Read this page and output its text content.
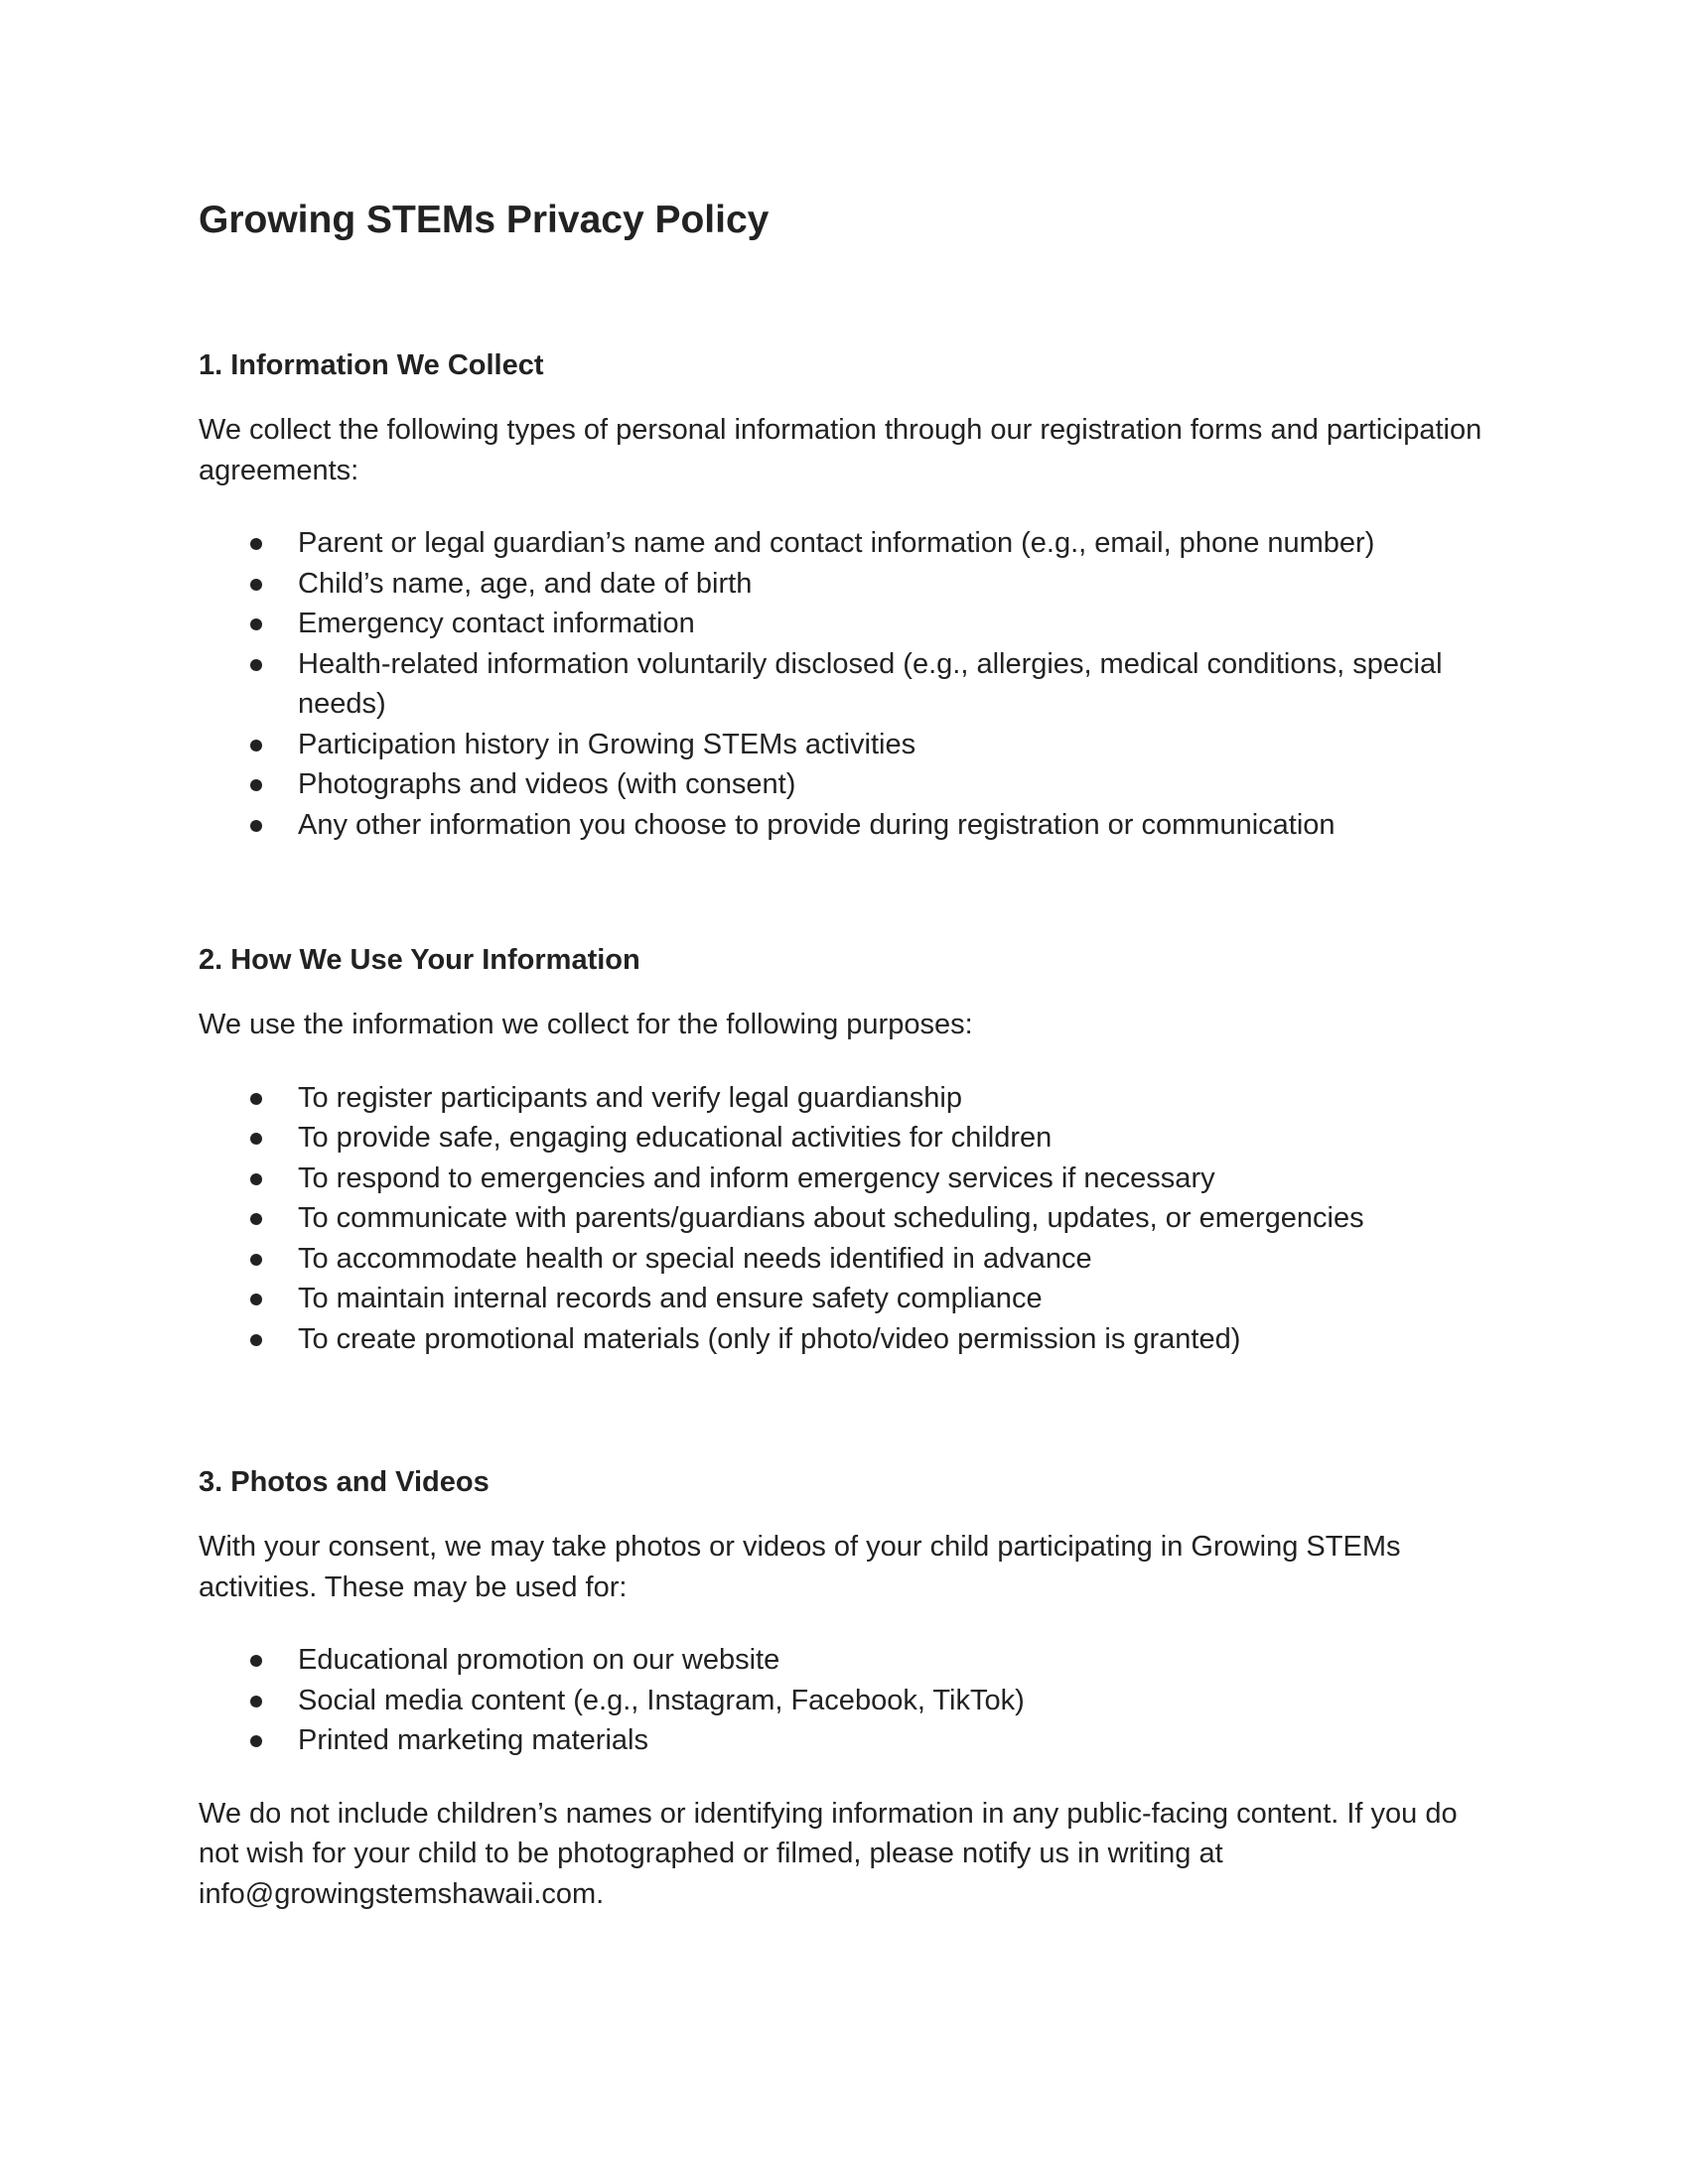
Growing STEMs Privacy Policy
1. Information We Collect

We collect the following types of personal information through our registration forms and participation agreements:

Parent or legal guardian’s name and contact information (e.g., email, phone number)
Child’s name, age, and date of birth
Emergency contact information
Health-related information voluntarily disclosed (e.g., allergies, medical conditions, special needs)
Participation history in Growing STEMs activities
Photographs and videos (with consent)
Any other information you choose to provide during registration or communication
2. How We Use Your Information

We use the information we collect for the following purposes:

To register participants and verify legal guardianship
To provide safe, engaging educational activities for children
To respond to emergencies and inform emergency services if necessary
To communicate with parents/guardians about scheduling, updates, or emergencies
To accommodate health or special needs identified in advance
To maintain internal records and ensure safety compliance
To create promotional materials (only if photo/video permission is granted)
3. Photos and Videos

With your consent, we may take photos or videos of your child participating in Growing STEMs activities. These may be used for:

Educational promotion on our website
Social media content (e.g., Instagram, Facebook, TikTok)
Printed marketing materials

We do not include children’s names or identifying information in any public-facing content. If you do not wish for your child to be photographed or filmed, please notify us in writing at info@growingstemshawaii.com.
